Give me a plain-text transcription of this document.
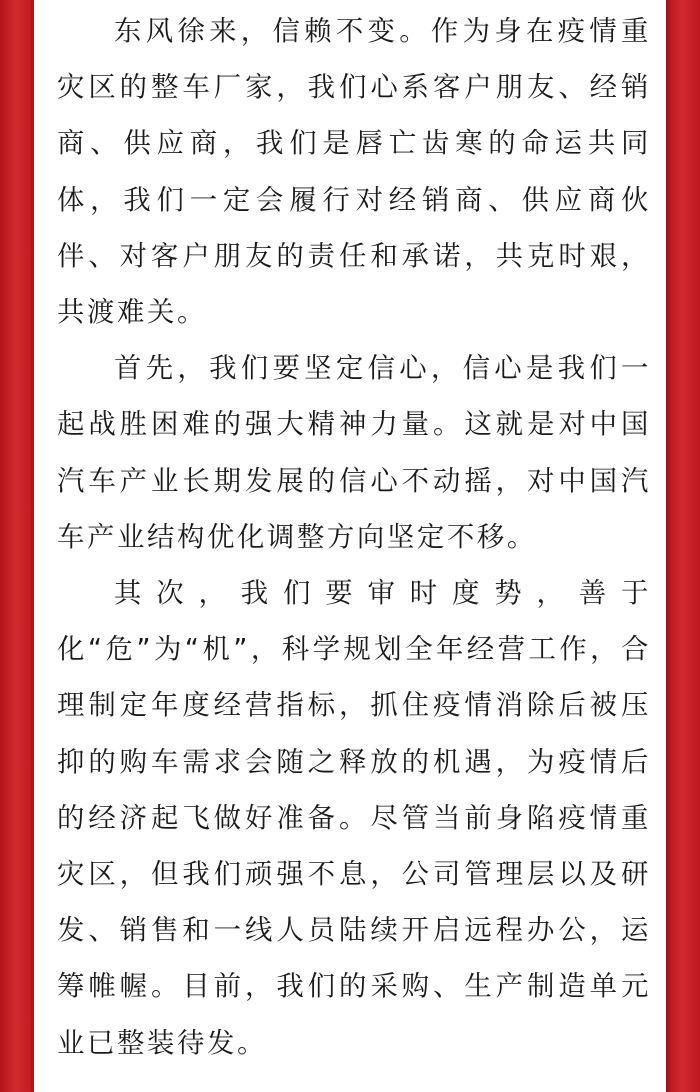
东风徐来，信赖不变。作为身在疫情重灾区的整车厂家，我们心系客户朋友、经销商、供应商，我们是唇亡齿寒的命运共同体，我们一定会履行对经销商、供应商伙伴、对客户朋友的责任和承诺，共克时艰，共渡难关。

首先，我们要坚定信心，信心是我们一起战胜困难的强大精神力量。这就是对中国汽车产业长期发展的信心不动摇，对中国汽车产业结构优化调整方向坚定不移。

其次，我们要审时度势，善于化“危”为“机”，科学规划全年经营工作，合理制定年度经营指标，抓住疫情消除后被压抑的购车需求会随之释放的机遇，为疫情后的经济起飞做好准备。尽管当前身陷疫情重灾区，但我们顽强不息，公司管理层以及研发、销售和一线人员陆续开启远程办公，运筹帷幄。目前，我们的采购、生产制造单元业已整装待发。
